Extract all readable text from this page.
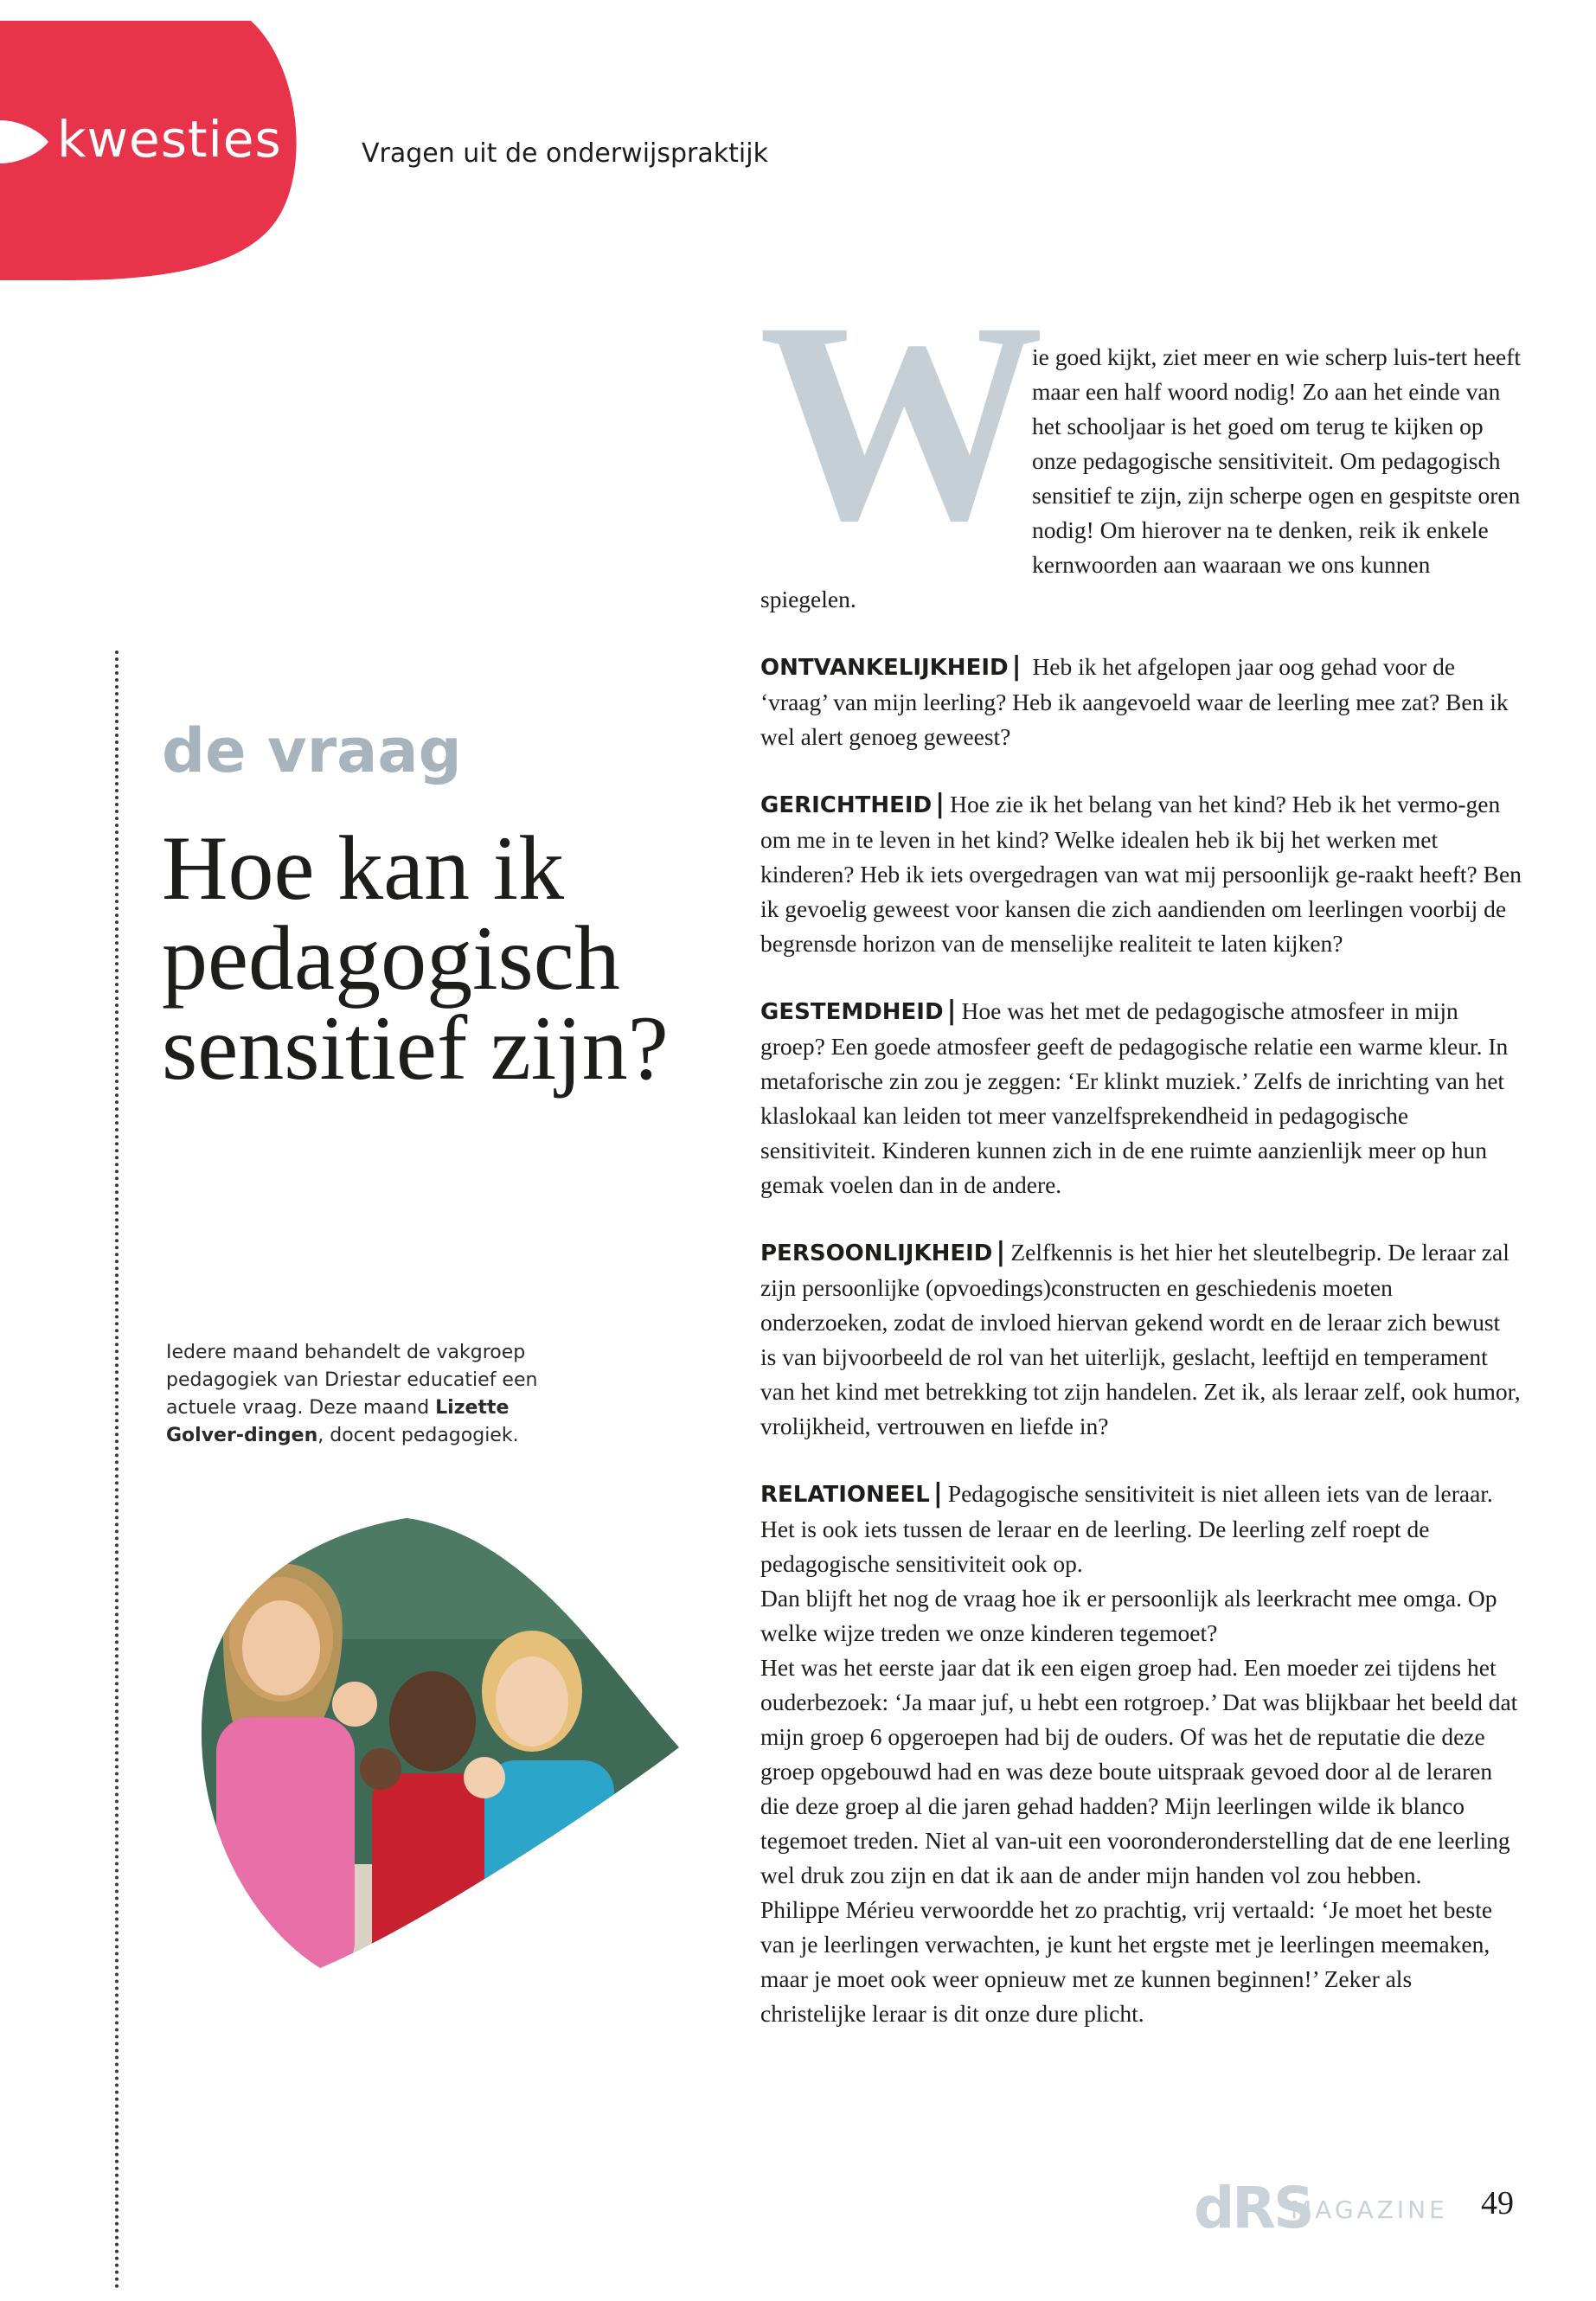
kwesties	Vragen uit de onderwijspraktijk
de vraag
Hoe kan ik pedagogisch sensitief zijn?

Iedere maand behandelt de vakgroep pedagogiek van Driestar educatief een actuele vraag. Deze maand Lizette Golver-dingen, docent pedagogiek.

W
ie goed kijkt, ziet meer en wie scherp luis-tert heeft maar een half woord nodig! Zo aan het einde van het schooljaar is het goed om terug te kijken op onze pedagogische sensitiviteit. Om pedagogisch sensitief te zijn, zijn scherpe ogen en gespitste oren nodig! Om hierover na te denken, reik ik enkele kernwoorden aan waaraan we ons kunnen spiegelen.

ONTVANKELIJKHEID | Heb ik het afgelopen jaar oog gehad voor de ‘vraag’ van mijn leerling? Heb ik aangevoeld waar de leerling mee zat? Ben ik wel alert genoeg geweest?

GERICHTHEID | Hoe zie ik het belang van het kind? Heb ik het vermo-gen om me in te leven in het kind? Welke idealen heb ik bij het werken met kinderen? Heb ik iets overgedragen van wat mij persoonlijk ge-raakt heeft? Ben ik gevoelig geweest voor kansen die zich aandienden om leerlingen voorbij de begrensde horizon van de menselijke realiteit te laten kijken?

GESTEMDHEID | Hoe was het met de pedagogische atmosfeer in mijn groep? Een goede atmosfeer geeft de pedagogische relatie een warme kleur. In metaforische zin zou je zeggen: ‘Er klinkt muziek.’ Zelfs de inrichting van het klaslokaal kan leiden tot meer vanzelfsprekendheid in pedagogische sensitiviteit. Kinderen kunnen zich in de ene ruimte aanzienlijk meer op hun gemak voelen dan in de andere.

PERSOONLIJKHEID | Zelfkennis is het hier het sleutelbegrip. De leraar zal zijn persoonlijke (opvoedings)constructen en geschiedenis moeten onderzoeken, zodat de invloed hiervan gekend wordt en de leraar zich bewust is van bijvoorbeeld de rol van het uiterlijk, geslacht, leeftijd en temperament van het kind met betrekking tot zijn handelen. Zet ik, als leraar zelf, ook humor, vrolijkheid, vertrouwen en liefde in?

RELATIONEEL | Pedagogische sensitiviteit is niet alleen iets van de leraar. Het is ook iets tussen de leraar en de leerling. De leerling zelf roept de pedagogische sensitiviteit ook op.
Dan blijft het nog de vraag hoe ik er persoonlijk als leerkracht mee omga. Op welke wijze treden we onze kinderen tegemoet?
Het was het eerste jaar dat ik een eigen groep had. Een moeder zei tijdens het ouderbezoek: ‘Ja maar juf, u hebt een rotgroep.’ Dat was blijkbaar het beeld dat mijn groep 6 opgeroepen had bij de ouders. Of was het de reputatie die deze groep opgebouwd had en was deze boute uitspraak gevoed door al de leraren die deze groep al die jaren gehad hadden? Mijn leerlingen wilde ik blanco tegemoet treden. Niet al van-uit een vooronderonderstelling dat de ene leerling wel druk zou zijn en dat ik aan de ander mijn handen vol zou hebben.
Philippe Mérieu verwoordde het zo prachtig, vrij vertaald: ‘Je moet het beste van je leerlingen verwachten, je kunt het ergste met je leerlingen meemaken, maar je moet ook weer opnieuw met ze kunnen beginnen!’ Zeker als christelijke leraar is dit onze dure plicht.

dRS
MAGAZINE 49
